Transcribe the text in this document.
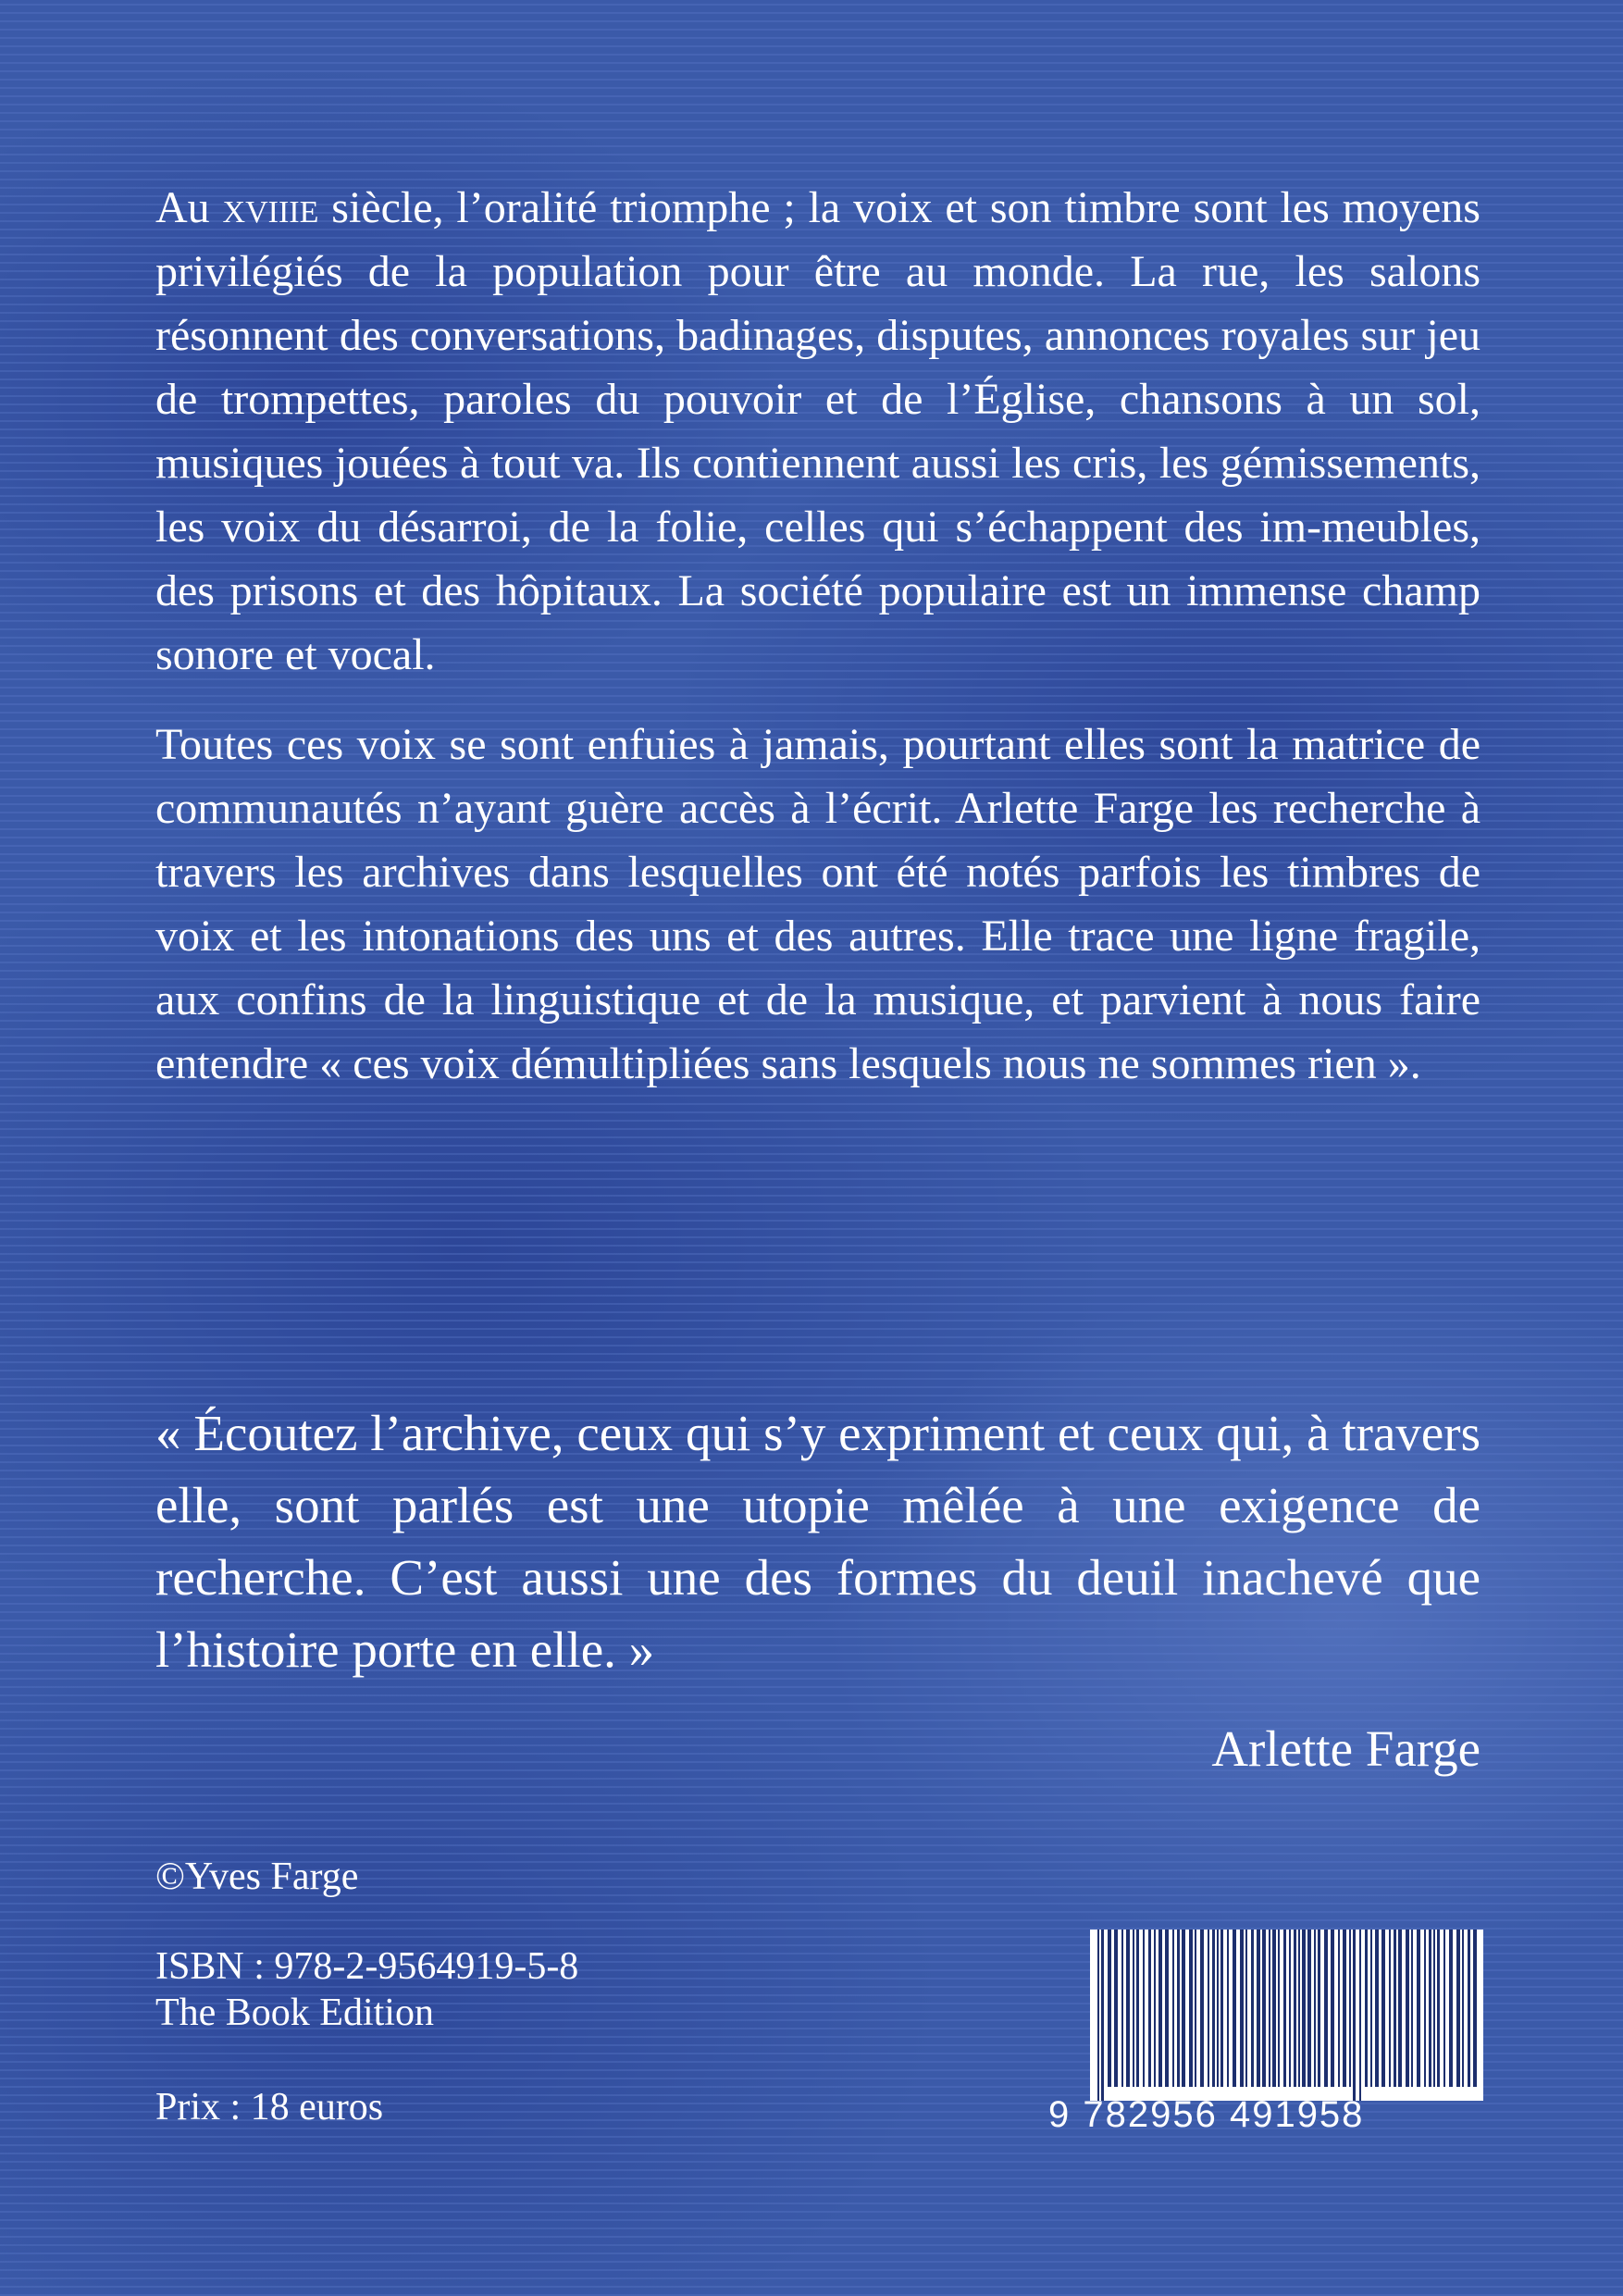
Au xviiie siècle, l’oralité triomphe ; la voix et son timbre sont les moyens privilégiés de la population pour être au monde. La rue, les salons résonnent des conversations, badinages, disputes, annonces royales sur jeu de trompettes, paroles du pouvoir et de l’Église, chansons à un sol, musiques jouées à tout va. Ils contiennent aussi les cris, les gémissements, les voix du désarroi, de la folie, celles qui s’échappent des im-meubles, des prisons et des hôpitaux. La société populaire est un immense champ sonore et vocal.

Toutes ces voix se sont enfuies à jamais, pourtant elles sont la matrice de communautés n’ayant guère accès à l’écrit. Arlette Farge les recherche à travers les archives dans lesquelles ont été notés parfois les timbres de voix et les intonations des uns et des autres. Elle trace une ligne fragile, aux confins de la linguistique et de la musique, et parvient à nous faire entendre « ces voix démultipliées sans lesquels nous ne sommes rien ».

« Écoutez l’archive, ceux qui s’y expriment et ceux qui, à travers elle, sont parlés est une utopie mêlée à une exigence de recherche. C’est aussi une des formes du deuil inachevé que l’histoire porte en elle. »

Arlette Farge
©Yves Farge
ISBN : 978-2-9564919-5-8
The Book Edition
Prix : 18 euros	9 782956 491958
